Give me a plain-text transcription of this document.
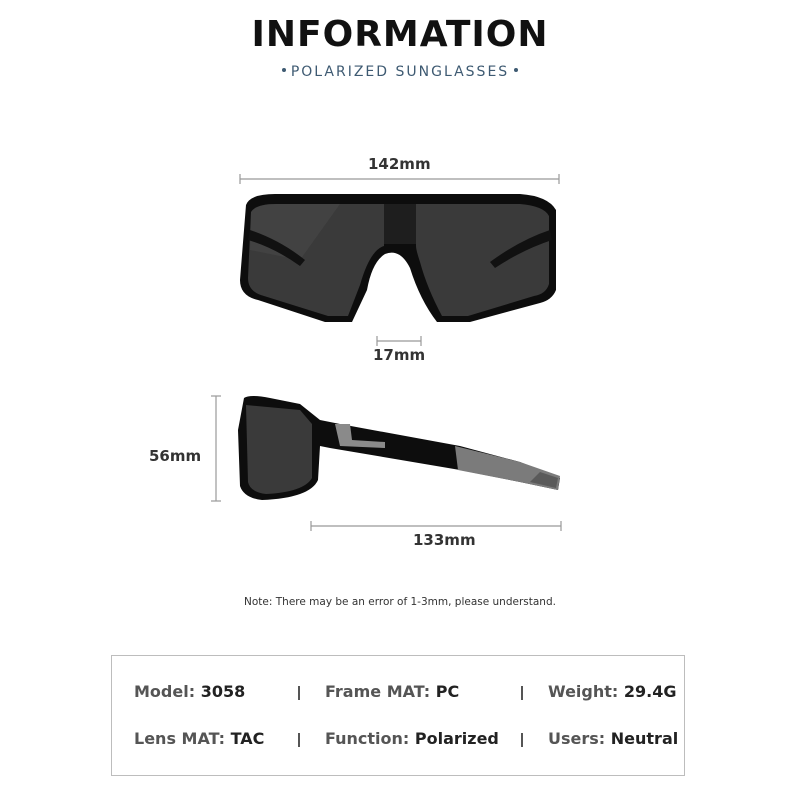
INFORMATION
POLARIZED SUNGLASSES
142mm
17mm
56mm
133mm
Note: There may be an error of 1-3mm, please understand.
Model: 3058	Frame MAT: PC	Weight: 29.4G
Lens MAT: TAC	Function: Polarized	Users: Neutral
